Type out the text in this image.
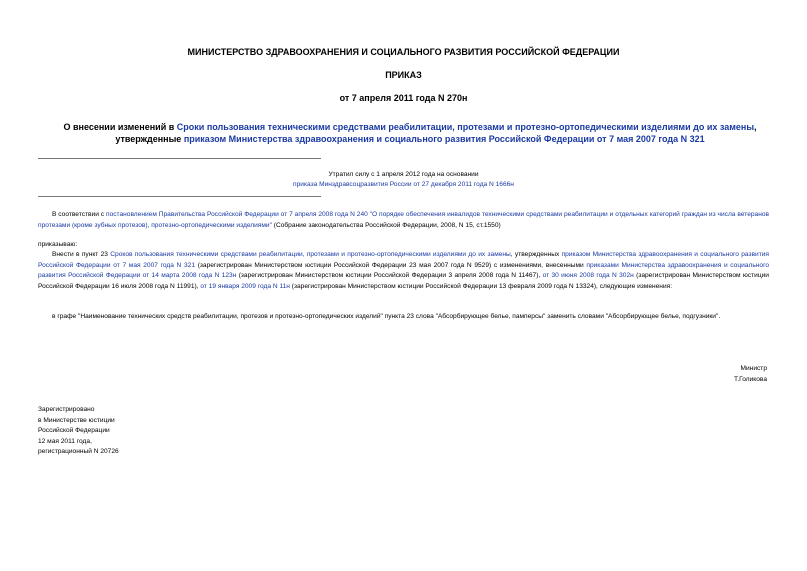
МИНИСТЕРСТВО ЗДРАВООХРАНЕНИЯ И СОЦИАЛЬНОГО РАЗВИТИЯ РОССИЙСКОЙ ФЕДЕРАЦИИ
ПРИКАЗ
от 7 апреля 2011 года N 270н
О внесении изменений в Сроки пользования техническими средствами реабилитации, протезами и протезно-ортопедическими изделиями до их замены, утвержденные приказом Министерства здравоохранения и социального развития Российской Федерации от 7 мая 2007 года N 321
Утратил силу с 1 апреля 2012 года на основании
приказа Минздравсоцразвития России от 27 декабря 2011 года N 1666н
В соответствии с постановлением Правительства Российской Федерации от 7 апреля 2008 года N 240 "О порядке обеспечения инвалидов техническими средствами реабилитации и отдельных категорий граждан из числа ветеранов протезами (кроме зубных протезов), протезно-ортопедическими изделиями" (Собрание законодательства Российской Федерации, 2008, N 15, ст.1550)
приказываю:
Внести в пункт 23 Сроков пользования техническими средствами реабилитации, протезами и протезно-ортопедическими изделиями до их замены, утвержденных приказом Министерства здравоохранения и социального развития Российской Федерации от 7 мая 2007 года N 321 (зарегистрирован Министерством юстиции Российской Федерации 23 мая 2007 года N 9529) с изменениями, внесенными приказами Министерства здравоохранения и социального развития Российской Федерации от 14 марта 2008 года N 123н (зарегистрирован Министерством юстиции Российской Федерации 3 апреля 2008 года N 11467), от 30 июня 2008 года N 302н (зарегистрирован Министерством юстиции Российской Федерации 16 июля 2008 года N 11991), от 19 января 2009 года N 11н (зарегистрирован Министерством юстиции Российской Федерации 13 февраля 2009 года N 13324), следующие изменения:
в графе "Наименование технических средств реабилитации, протезов и протезно-ортопедических изделий" пункта 23 слова "Абсорбирующее белье, памперсы" заменить словами "Абсорбирующее белье, подгузники".
Министр
Т.Голикова
Зарегистрировано
в Министерстве юстиции
Российской Федерации
12 мая 2011 года,
регистрационный N 20726
